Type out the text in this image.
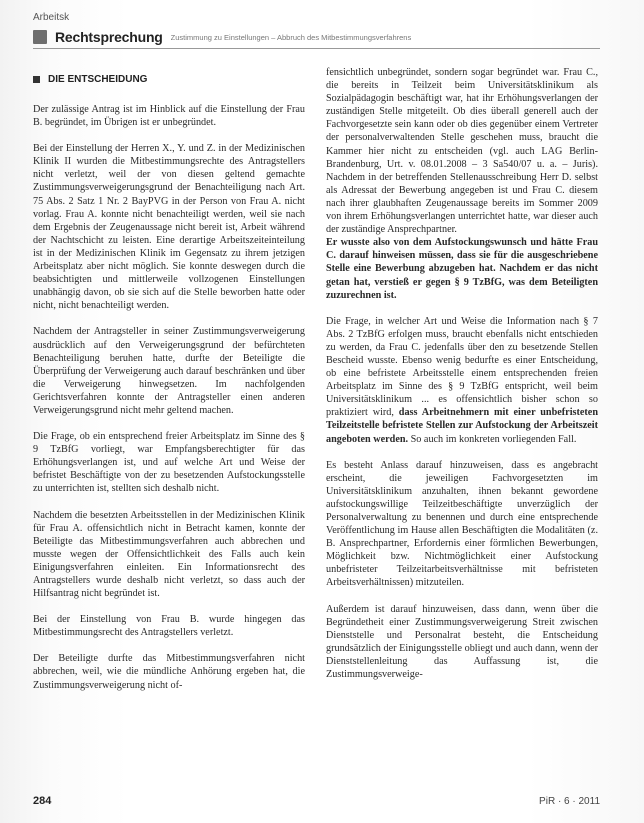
Arbeitsk
Rechtsprechung Zustimmung zu Einstellungen – Abbruch des Mitbestimmungsverfahrens
DIE ENTSCHEIDUNG

Der zulässige Antrag ist im Hinblick auf die Einstellung der Frau B. begründet, im Übrigen ist er unbegründet.

Bei der Einstellung der Herren X., Y. und Z. in der Medizinischen Klinik II wurden die Mitbestimmungsrechte des Antragstellers nicht verletzt, weil der von diesen geltend gemachte Zustimmungsverweigerungsgrund der Benachteiligung nach Art. 75 Abs. 2 Satz 1 Nr. 2 BayPVG in der Person von Frau A. nicht vorlag. Frau A. konnte nicht benachteiligt werden, weil sie nach dem Ergebnis der Zeugenaussage nicht bereit ist, Arbeit während der Nachtschicht zu leisten. Eine derartige Arbeitszeiteinteilung ist in der Medizinischen Klinik im Gegensatz zu ihrem jetzigen Arbeitsplatz aber nicht möglich. Sie konnte deswegen durch die beabsichtigten und mittlerweile vollzogenen Einstellungen unabhängig davon, ob sie sich auf die Stelle beworben hatte oder nicht, nicht benachteiligt werden.

Nachdem der Antragsteller in seiner Zustimmungsverweigerung ausdrücklich auf den Verweigerungsgrund der befürchteten Benachteiligung beruhen hatte, durfte der Beteiligte die Überprüfung der Verweigerung auch darauf beschränken und über die Verweigerung hinwegsetzen. Im nachfolgenden Gerichtsverfahren konnte der Antragsteller einen anderen Verweigerungsgrund nicht mehr geltend machen.

Die Frage, ob ein entsprechend freier Arbeitsplatz im Sinne des § 9 TzBfG vorliegt, war Empfangsberechtigter für das Erhöhungsverlangen ist, und auf welche Art und Weise der befristet Beschäftigte von der zu besetzenden Aufstockungsstelle zu unterrichten ist, stellten sich deshalb nicht.

Nachdem die besetzten Arbeitsstellen in der Medizinischen Klinik für Frau A. offensichtlich nicht in Betracht kamen, konnte der Beteiligte das Mitbestimmungsverfahren auch abbrechen und musste wegen der Offensichtlichkeit des Falls auch kein Einigungsverfahren einleiten. Ein Informationsrecht des Antragstellers wurde deshalb nicht verletzt, so dass auch der Hilfsantrag nicht begründet ist.

Bei der Einstellung von Frau B. wurde hingegen das Mitbestimmungsrecht des Antragstellers verletzt.

Der Beteiligte durfte das Mitbestimmungsverfahren nicht abbrechen, weil, wie die mündliche Anhörung ergeben hat, die Zustimmungsverweigerung nicht of-

fensichtlich unbegründet, sondern sogar begründet war. Frau C., die bereits in Teilzeit beim Universitätsklinikum als Sozialpädagogin beschäftigt war, hat ihr Erhöhungsverlangen der zuständigen Stelle mitgeteilt. Ob dies überall generell auch der Fachvorgesetzte sein kann oder ob dies gegenüber einem Vertreter der personalverwaltenden Stelle geschehen muss, braucht die Kammer hier nicht zu entscheiden (vgl. auch LAG Berlin-Brandenburg, Urt. v. 08.01.2008 – 3 Sa540/07 u. a. – Juris). Nachdem in der betreffenden Stellenausschreibung Herr D. selbst als Adressat der Bewerbung angegeben ist und Frau C. diesem nach ihrer glaubhaften Zeugenaussage bereits im Sommer 2009 von ihrem Erhöhungsverlangen unterrichtet hatte, war dieser auch der zuständige Ansprechpartner.

Er wusste also von dem Aufstockungswunsch und hätte Frau C. darauf hinweisen müssen, dass sie für die ausgeschriebene Stelle eine Bewerbung abzugeben hat. Nachdem er das nicht getan hat, verstieß er gegen § 9 TzBfG, was dem Beteiligten zuzurechnen ist.

Die Frage, in welcher Art und Weise die Information nach § 7 Abs. 2 TzBfG erfolgen muss, braucht ebenfalls nicht entschieden zu werden, da Frau C. jedenfalls über den zu besetzende Stellen Bescheid wusste. Ebenso wenig bedurfte es einer Entscheidung, ob eine befristete Arbeitsstelle einem entsprechenden freien Arbeitsplatz im Sinne des § 9 TzBfG entspricht, weil beim Universitätsklinikum ... es offensichtlich bisher schon so praktiziert wird, dass Arbeitnehmern mit einer unbefristeten Teilzeitstelle befristete Stellen zur Aufstockung der Arbeitszeit angeboten werden. So auch im konkreten vorliegenden Fall.

Es besteht Anlass darauf hinzuweisen, dass es angebracht erscheint, die jeweiligen Fachvorgesetzten im Universitätsklinikum anzuhalten, ihnen bekannt gewordene aufstockungswillige Teilzeitbeschäftigte unverzüglich der Personalverwaltung zu benennen und durch eine entsprechende Veröffentlichung im Hause allen Beschäftigten die Modalitäten (z. B. Ansprechpartner, Erfordernis einer förmlichen Bewerbungen, Möglichkeit bzw. Nichtmöglichkeit einer Aufstockung unbefristeter Teilzeitarbeitsverhältnisse mit befristeten Arbeitsverhältnissen) mitzuteilen.

Außerdem ist darauf hinzuweisen, dass dann, wenn über die Begründetheit einer Zustimmungsverweigerung Streit zwischen Dienststelle und Personalrat besteht, die Entscheidung grundsätzlich der Einigungsstelle obliegt und auch dann, wenn der Dienststellenleitung das Auffassung ist, die Zustimmungsverweige-

284	PiR · 6 · 2011
